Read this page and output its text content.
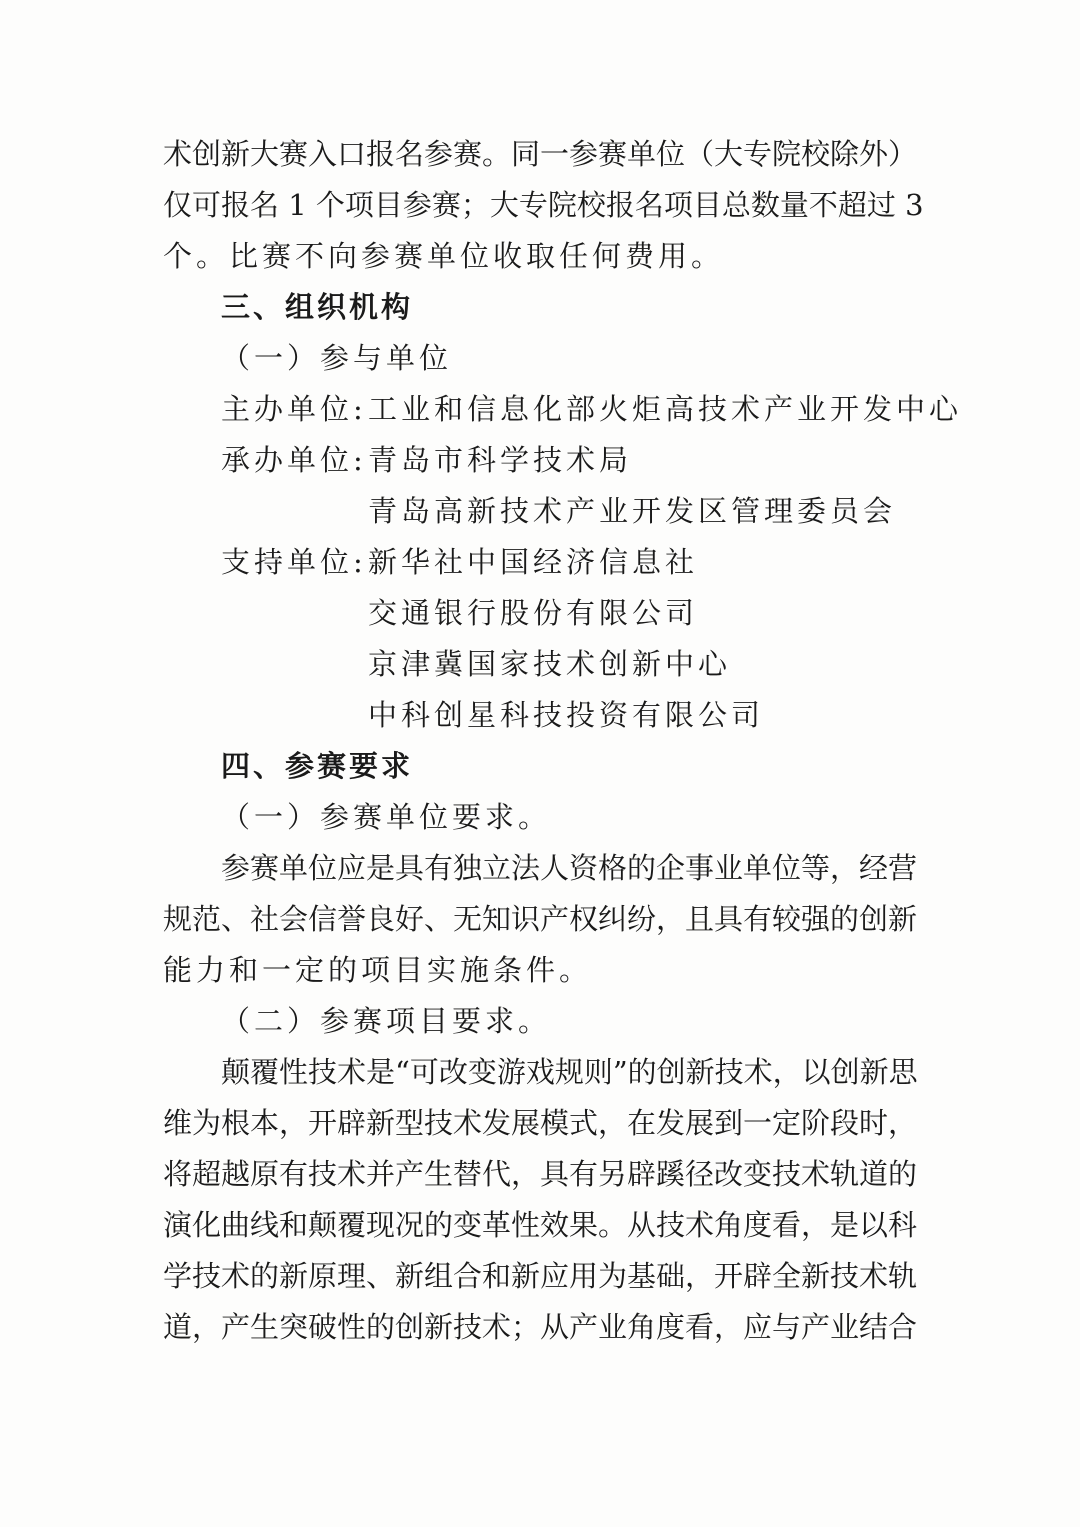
术创新大赛入口报名参赛。同一参赛单位（大专院校除外）
仅可报名 1 个项目参赛；大专院校报名项目总数量不超过 3
个。比赛不向参赛单位收取任何费用。
三、组织机构
（一）参与单位
主办单位: 工业和信息化部火炬高技术产业开发中心
承办单位: 青岛市科学技术局
青岛高新技术产业开发区管理委员会
支持单位: 新华社中国经济信息社
交通银行股份有限公司
京津冀国家技术创新中心
中科创星科技投资有限公司
四、参赛要求
（一）参赛单位要求。
参赛单位应是具有独立法人资格的企事业单位等，经营
规范、社会信誉良好、无知识产权纠纷，且具有较强的创新
能力和一定的项目实施条件。
（二）参赛项目要求。
颠覆性技术是“可改变游戏规则”的创新技术，以创新思
维为根本，开辟新型技术发展模式，在发展到一定阶段时，
将超越原有技术并产生替代，具有另辟蹊径改变技术轨道的
演化曲线和颠覆现况的变革性效果。从技术角度看，是以科
学技术的新原理、新组合和新应用为基础，开辟全新技术轨
道，产生突破性的创新技术；从产业角度看，应与产业结合
